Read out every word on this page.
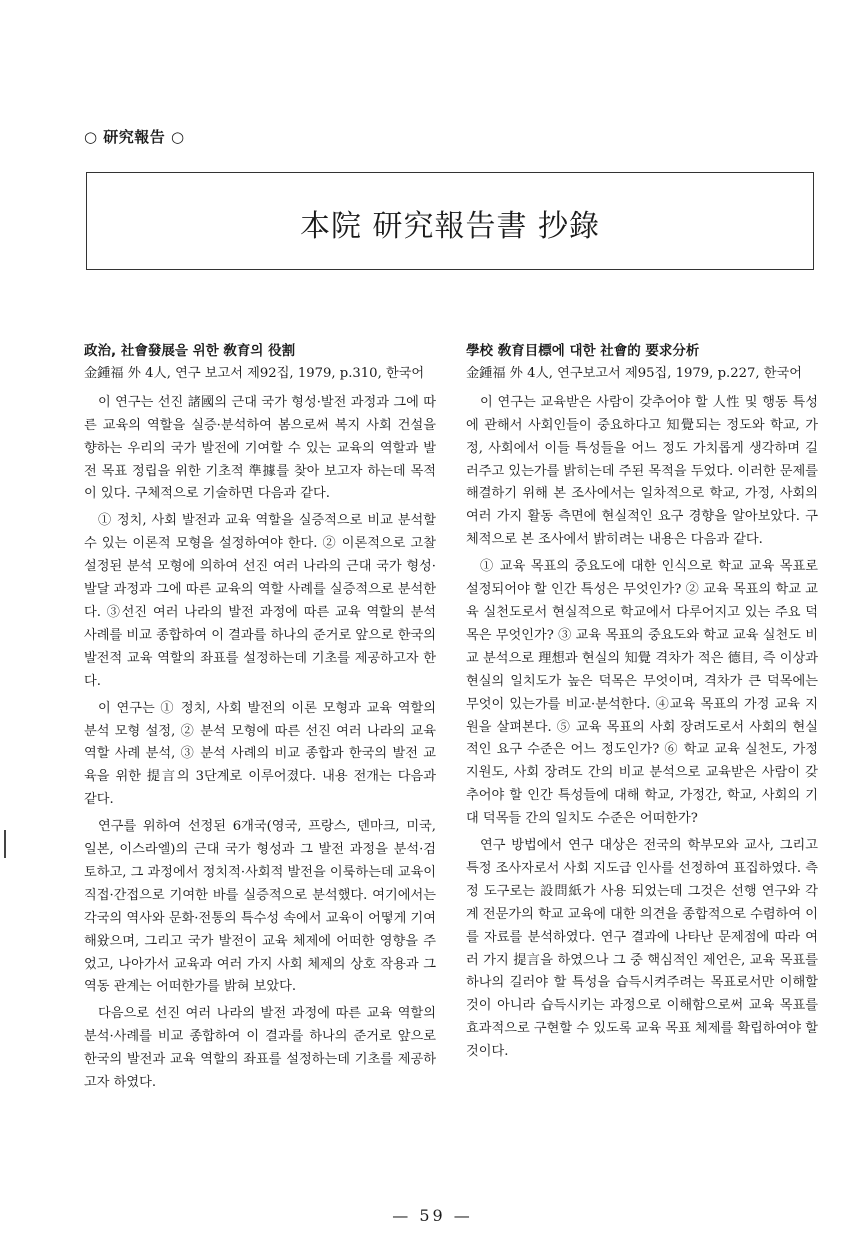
○ 研究報告 ○
本院 研究報告書 抄錄

政治, 社會發展을 위한 敎育의 役割

金鍾福 外 4人, 연구 보고서 제92집, 1979, p.310, 한국어

이 연구는 선진 諸國의 근대 국가 형성·발전 과정과 그에 따른 교육의 역할을 실증·분석하여 봄으로써 복지 사회 건설을 향하는 우리의 국가 발전에 기여할 수 있는 교육의 역할과 발전 목표 정립을 위한 기초적 準據를 찾아 보고자 하는데 목적이 있다. 구체적으로 기술하면 다음과 같다.

① 정치, 사회 발전과 교육 역할을 실증적으로 비교 분석할 수 있는 이론적 모형을 설정하여야 한다. ② 이론적으로 고찰 설정된 분석 모형에 의하여 선진 여러 나라의 근대 국가 형성·발달 과정과 그에 따른 교육의 역할 사례를 실증적으로 분석한다. ③선진 여러 나라의 발전 과정에 따른 교육 역할의 분석 사례를 비교 종합하여 이 결과를 하나의 준거로 앞으로 한국의 발전적 교육 역할의 좌표를 설정하는데 기초를 제공하고자 한다.

이 연구는 ① 정치, 사회 발전의 이론 모형과 교육 역할의 분석 모형 설정, ② 분석 모형에 따른 선진 여러 나라의 교육 역할 사례 분석, ③ 분석 사례의 비교 종합과 한국의 발전 교육을 위한 提言의 3단계로 이루어졌다. 내용 전개는 다음과 같다.

연구를 위하여 선정된 6개국(영국, 프랑스, 덴마크, 미국, 일본, 이스라엘)의 근대 국가 형성과 그 발전 과정을 분석·검토하고, 그 과정에서 정치적·사회적 발전을 이룩하는데 교육이 직접·간접으로 기여한 바를 실증적으로 분석했다. 여기에서는 각국의 역사와 문화·전통의 특수성 속에서 교육이 어떻게 기여해왔으며, 그리고 국가 발전이 교육 체제에 어떠한 영향을 주었고, 나아가서 교육과 여러 가지 사회 체제의 상호 작용과 그 역동 관계는 어떠한가를 밝혀 보았다.

다음으로 선진 여러 나라의 발전 과정에 따른 교육 역할의 분석·사례를 비교 종합하여 이 결과를 하나의 준거로 앞으로 한국의 발전과 교육 역할의 좌표를 설정하는데 기초를 제공하고자 하였다.

學校 敎育目標에 대한 社會的 要求分析

金鍾福 外 4人, 연구보고서 제95집, 1979, p.227, 한국어

이 연구는 교육받은 사람이 갖추어야 할 人性 및 행동 특성에 관해서 사회인들이 중요하다고 知覺되는 정도와 학교, 가정, 사회에서 이들 특성들을 어느 정도 가치롭게 생각하며 길러주고 있는가를 밝히는데 주된 목적을 두었다. 이러한 문제를 해결하기 위해 본 조사에서는 일차적으로 학교, 가정, 사회의 여러 가지 활동 측면에 현실적인 요구 경향을 알아보았다. 구체적으로 본 조사에서 밝히려는 내용은 다음과 같다.

① 교육 목표의 중요도에 대한 인식으로 학교 교육 목표로 설정되어야 할 인간 특성은 무엇인가? ② 교육 목표의 학교 교육 실천도로서 현실적으로 학교에서 다루어지고 있는 주요 덕목은 무엇인가? ③ 교육 목표의 중요도와 학교 교육 실천도 비교 분석으로 理想과 현실의 知覺 격차가 적은 德目, 즉 이상과 현실의 일치도가 높은 덕목은 무엇이며, 격차가 큰 덕목에는 무엇이 있는가를 비교·분석한다. ④교육 목표의 가정 교육 지원을 살펴본다. ⑤ 교육 목표의 사회 장려도로서 사회의 현실적인 요구 수준은 어느 정도인가? ⑥ 학교 교육 실천도, 가정 지원도, 사회 장려도 간의 비교 분석으로 교육받은 사람이 갖추어야 할 인간 특성들에 대해 학교, 가정간, 학교, 사회의 기대 덕목들 간의 일치도 수준은 어떠한가?

연구 방법에서 연구 대상은 전국의 학부모와 교사, 그리고 특정 조사자로서 사회 지도급 인사를 선정하여 표집하였다. 측정 도구로는 設問紙가 사용 되었는데 그것은 선행 연구와 각계 전문가의 학교 교육에 대한 의견을 종합적으로 수렴하여 이를 자료를 분석하였다. 연구 결과에 나타난 문제점에 따라 여러 가지 提言을 하였으나 그 중 핵심적인 제언은, 교육 목표를 하나의 길러야 할 특성을 습득시켜주려는 목표로서만 이해할 것이 아니라 습득시키는 과정으로 이해함으로써 교육 목표를 효과적으로 구현할 수 있도록 교육 목표 체제를 확립하여야 할 것이다.

— 59 —
